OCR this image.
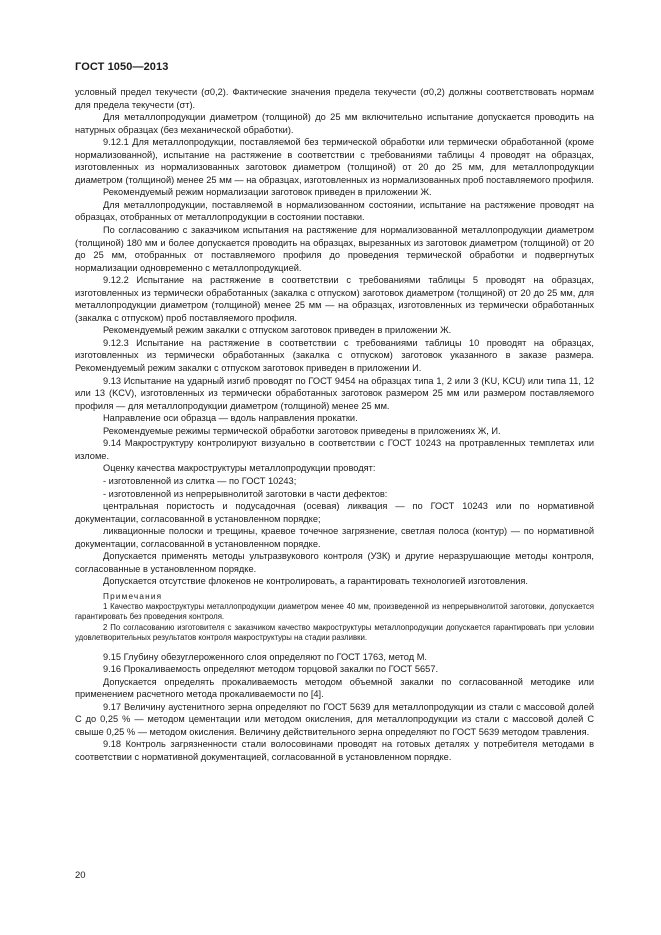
ГОСТ 1050—2013

условный предел текучести (σ0,2). Фактические значения предела текучести (σ0,2) должны соответствовать нормам для предела текучести (σт).

Для металлопродукции диаметром (толщиной) до 25 мм включительно испытание допускается проводить на натурных образцах (без механической обработки).

9.12.1 Для металлопродукции, поставляемой без термической обработки или термически обработанной (кроме нормализованной), испытание на растяжение в соответствии с требованиями таблицы 4 проводят на образцах, изготовленных из нормализованных заготовок диаметром (толщиной) от 20 до 25 мм, для металлопродукции диаметром (толщиной) менее 25 мм — на образцах, изготовленных из нормализованных проб поставляемого профиля.

Рекомендуемый режим нормализации заготовок приведен в приложении Ж.

Для металлопродукции, поставляемой в нормализованном состоянии, испытание на растяжение проводят на образцах, отобранных от металлопродукции в состоянии поставки.

По согласованию с заказчиком испытания на растяжение для нормализованной металлопродукции диаметром (толщиной) 180 мм и более допускается проводить на образцах, вырезанных из заготовок диаметром (толщиной) от 20 до 25 мм, отобранных от поставляемого профиля до проведения термической обработки и подвергнутых нормализации одновременно с металлопродукцией.

9.12.2 Испытание на растяжение в соответствии с требованиями таблицы 5 проводят на образцах, изготовленных из термически обработанных (закалка с отпуском) заготовок диаметром (толщиной) от 20 до 25 мм, для металлопродукции диаметром (толщиной) менее 25 мм — на образцах, изготовленных из термически обработанных (закалка с отпуском) проб поставляемого профиля.

Рекомендуемый режим закалки с отпуском заготовок приведен в приложении Ж.

9.12.3 Испытание на растяжение в соответствии с требованиями таблицы 10 проводят на образцах, изготовленных из термически обработанных (закалка с отпуском) заготовок указанного в заказе размера. Рекомендуемый режим закалки с отпуском заготовок приведен в приложении И.

9.13 Испытание на ударный изгиб проводят по ГОСТ 9454 на образцах типа 1, 2 или 3 (KU, KCU) или типа 11, 12 или 13 (KCV), изготовленных из термически обработанных заготовок размером 25 мм или размером поставляемого профиля — для металлопродукции диаметром (толщиной) менее 25 мм.

Направление оси образца — вдоль направления прокатки.

Рекомендуемые режимы термической обработки заготовок приведены в приложениях Ж, И.

9.14 Макроструктуру контролируют визуально в соответствии с ГОСТ 10243 на протравленных темплетах или изломе.

Оценку качества макроструктуры металлопродукции проводят:

- изготовленной из слитка — по ГОСТ 10243;

- изготовленной из непрерывнолитой заготовки в части дефектов:

центральная пористость и подусадочная (осевая) ликвация — по ГОСТ 10243 или по нормативной документации, согласованной в установленном порядке;

ликвационные полоски и трещины, краевое точечное загрязнение, светлая полоса (контур) — по нормативной документации, согласованной в установленном порядке.

Допускается применять методы ультразвукового контроля (УЗК) и другие неразрушающие методы контроля, согласованные в установленном порядке.

Допускается отсутствие флокенов не контролировать, а гарантировать технологией изготовления.

Примечания

1 Качество макроструктуры металлопродукции диаметром менее 40 мм, произведенной из непрерывнолитой заготовки, допускается гарантировать без проведения контроля.

2 По согласованию изготовителя с заказчиком качество макроструктуры металлопродукции допускается гарантировать при условии удовлетворительных результатов контроля макроструктуры на стадии разливки.

9.15 Глубину обезуглероженного слоя определяют по ГОСТ 1763, метод М.

9.16 Прокаливаемость определяют методом торцовой закалки по ГОСТ 5657.

Допускается определять прокаливаемость методом объемной закалки по согласованной методике или применением расчетного метода прокаливаемости по [4].

9.17 Величину аустенитного зерна определяют по ГОСТ 5639 для металлопродукции из стали с массовой долей С до 0,25 % — методом цементации или методом окисления, для металлопродукции из стали с массовой долей С свыше 0,25 % — методом окисления. Величину действительного зерна определяют по ГОСТ 5639 методом травления.

9.18 Контроль загрязненности стали волосовинами проводят на готовых деталях у потребителя методами в соответствии с нормативной документацией, согласованной в установленном порядке.

20
